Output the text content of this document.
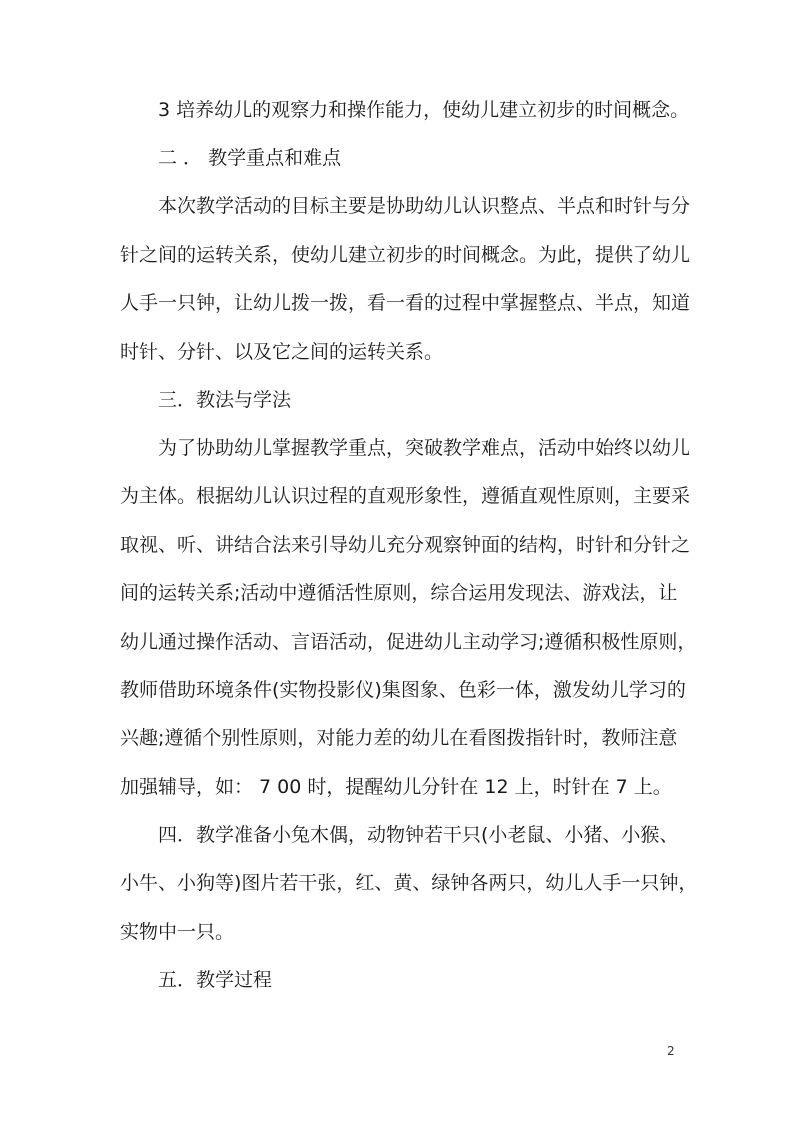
3 培养幼儿的观察力和操作能力，使幼儿建立初步的时间概念。
二 ． 教学重点和难点
本次教学活动的目标主要是协助幼儿认识整点、半点和时针与分
针之间的运转关系，使幼儿建立初步的时间概念。为此，提供了幼儿
人手一只钟，让幼儿拨一拨，看一看的过程中掌握整点、半点，知道
时针、分针、以及它之间的运转关系。
三．教法与学法
为了协助幼儿掌握教学重点，突破教学难点，活动中始终以幼儿
为主体。根据幼儿认识过程的直观形象性，遵循直观性原则，主要采
取视、听、讲结合法来引导幼儿充分观察钟面的结构，时针和分针之
间的运转关系;活动中遵循活性原则，综合运用发现法、游戏法，让
幼儿通过操作活动、言语活动，促进幼儿主动学习;遵循积极性原则，
教师借助环境条件(实物投影仪)集图象、色彩一体，激发幼儿学习的
兴趣;遵循个别性原则，对能力差的幼儿在看图拨指针时，教师注意
加强辅导，如： 7 00 时，提醒幼儿分针在 12 上，时针在 7 上。
四．教学准备小兔木偶，动物钟若干只(小老鼠、小猪、小猴、
小牛、小狗等)图片若干张，红、黄、绿钟各两只，幼儿人手一只钟，
实物中一只。
五．教学过程
2
